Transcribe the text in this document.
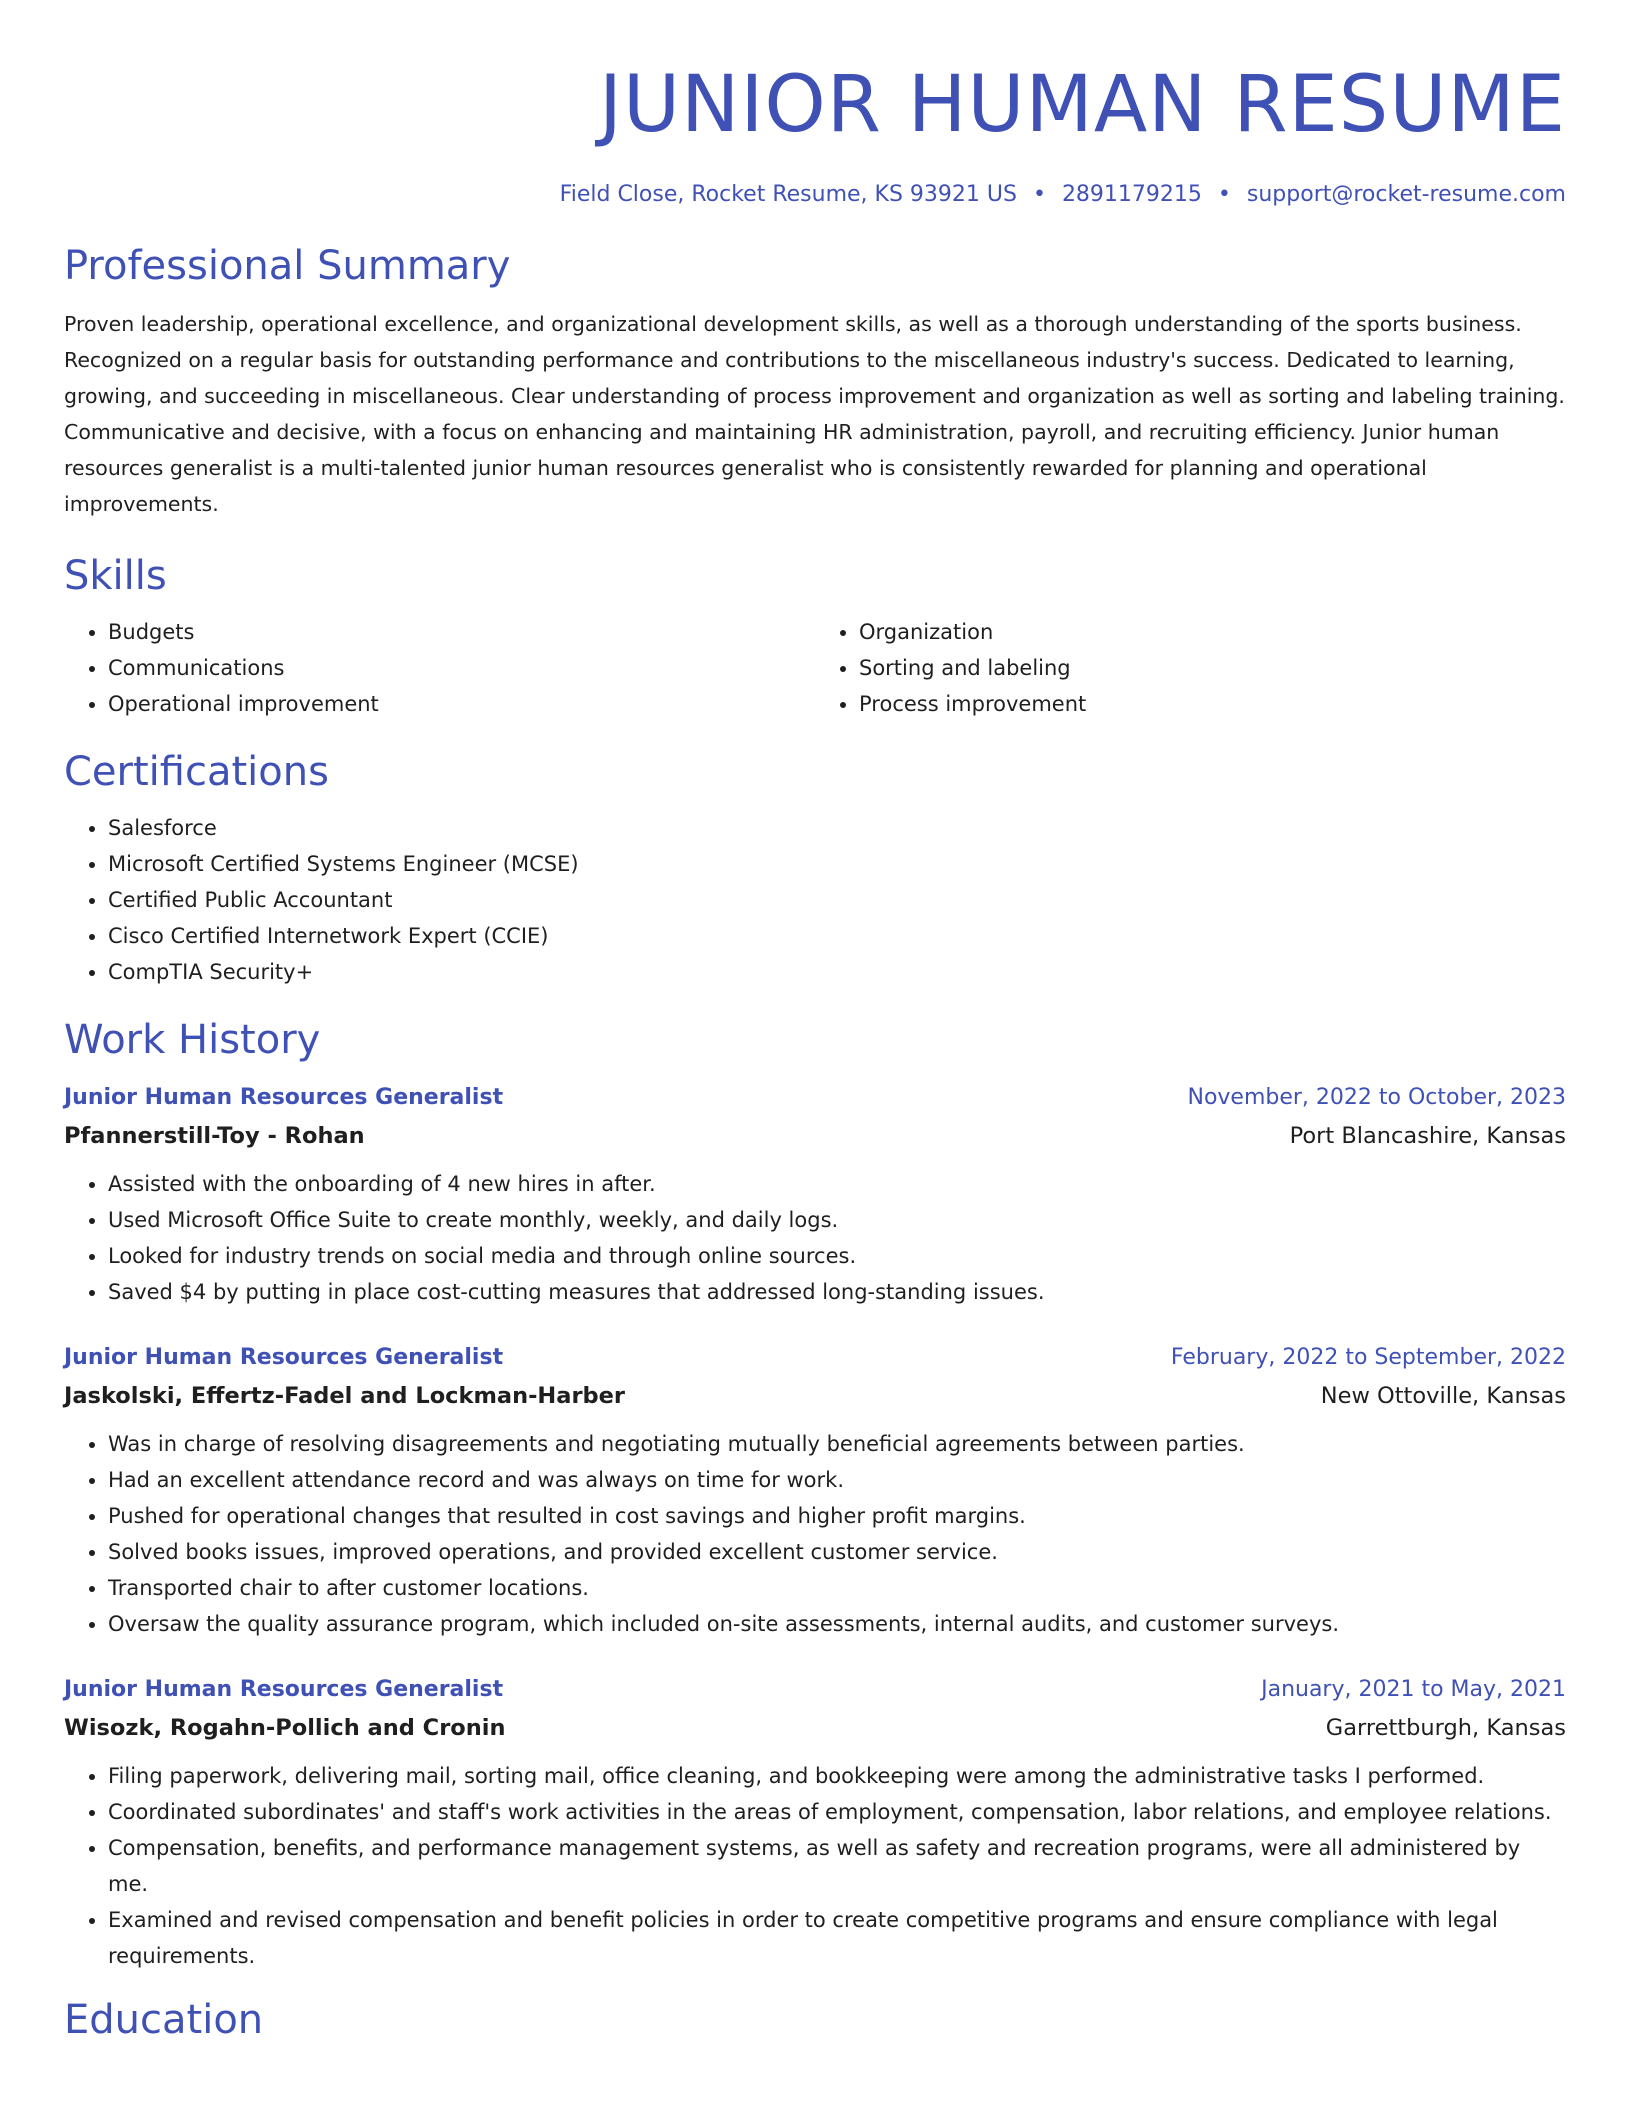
JUNIOR HUMAN RESUME
Field Close, Rocket Resume, KS 93921 US • 2891179215 • support@rocket-resume.com
Professional Summary

Proven leadership, operational excellence, and organizational development skills, as well as a thorough understanding of the sports business. Recognized on a regular basis for outstanding performance and contributions to the miscellaneous industry's success. Dedicated to learning, growing, and succeeding in miscellaneous. Clear understanding of process improvement and organization as well as sorting and labeling training. Communicative and decisive, with a focus on enhancing and maintaining HR administration, payroll, and recruiting efficiency. Junior human resources generalist is a multi-talented junior human resources generalist who is consistently rewarded for planning and operational improvements.

Skills
• Budgets
• Communications
• Operational improvement
• Organization
• Sorting and labeling
• Process improvement
Certifications
• Salesforce
• Microsoft Certified Systems Engineer (MCSE)
• Certified Public Accountant
• Cisco Certified Internetwork Expert (CCIE)
• CompTIA Security+
Work History
Junior Human Resources Generalist	November, 2022 to October, 2023
Pfannerstill-Toy - Rohan	Port Blancashire, Kansas
• Assisted with the onboarding of 4 new hires in after.
• Used Microsoft Office Suite to create monthly, weekly, and daily logs.
• Looked for industry trends on social media and through online sources.
• Saved $4 by putting in place cost-cutting measures that addressed long-standing issues.
Junior Human Resources Generalist	February, 2022 to September, 2022
Jaskolski, Effertz-Fadel and Lockman-Harber	New Ottoville, Kansas
• Was in charge of resolving disagreements and negotiating mutually beneficial agreements between parties.
• Had an excellent attendance record and was always on time for work.
• Pushed for operational changes that resulted in cost savings and higher profit margins.
• Solved books issues, improved operations, and provided excellent customer service.
• Transported chair to after customer locations.
• Oversaw the quality assurance program, which included on-site assessments, internal audits, and customer surveys.
Junior Human Resources Generalist	January, 2021 to May, 2021
Wisozk, Rogahn-Pollich and Cronin	Garrettburgh, Kansas
• Filing paperwork, delivering mail, sorting mail, office cleaning, and bookkeeping were among the administrative tasks I performed.
• Coordinated subordinates' and staff's work activities in the areas of employment, compensation, labor relations, and employee relations.
• Compensation, benefits, and performance management systems, as well as safety and recreation programs, were all administered by me.
• Examined and revised compensation and benefit policies in order to create competitive programs and ensure compliance with legal requirements.
Education
